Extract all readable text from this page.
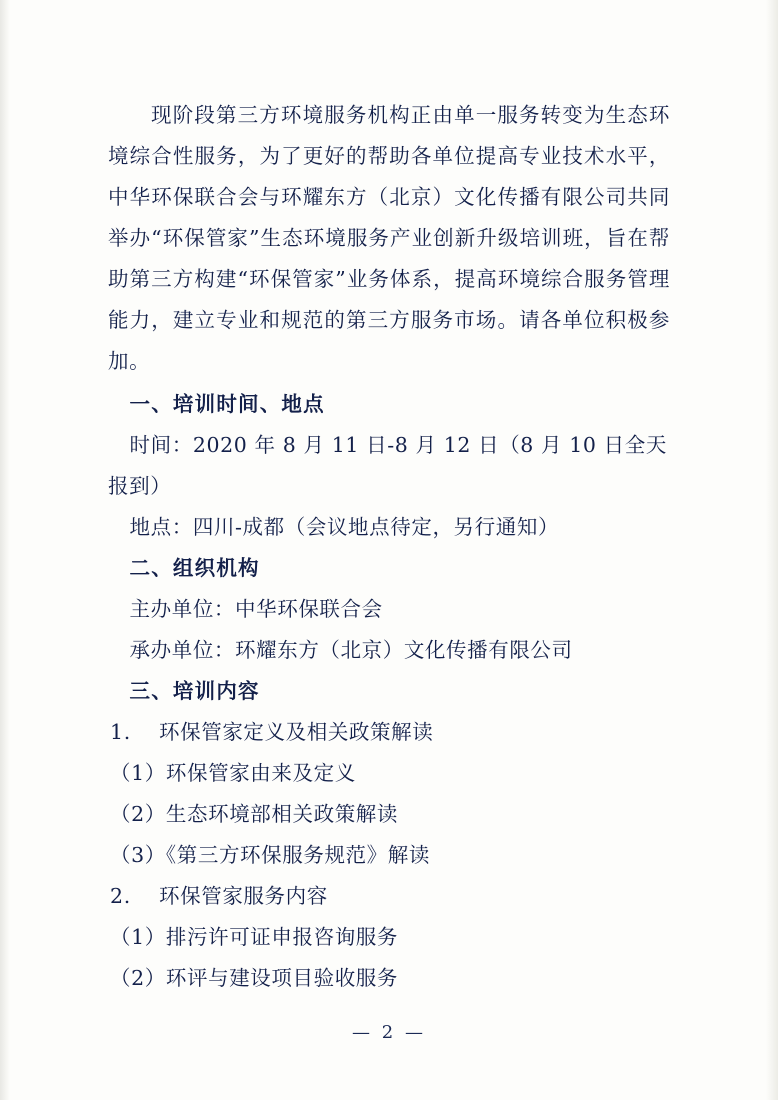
现阶段第三方环境服务机构正由单一服务转变为生态环境综合性服务，为了更好的帮助各单位提高专业技术水平，中华环保联合会与环耀东方（北京）文化传播有限公司共同举办“环保管家”生态环境服务产业创新升级培训班，旨在帮助第三方构建“环保管家”业务体系，提高环境综合服务管理能力，建立专业和规范的第三方服务市场。请各单位积极参加。

一、培训时间、地点

时间：2020 年 8 月 11 日-8 月 12 日（8 月 10 日全天报到）

地点：四川-成都（会议地点待定，另行通知）

二、组织机构

主办单位：中华环保联合会

承办单位：环耀东方（北京）文化传播有限公司

三、培训内容

1. 　环保管家定义及相关政策解读

（1）环保管家由来及定义

（2）生态环境部相关政策解读

（3）《第三方环保服务规范》解读

2. 　环保管家服务内容

（1）排污许可证申报咨询服务

（2）环评与建设项目验收服务

— 2 —
